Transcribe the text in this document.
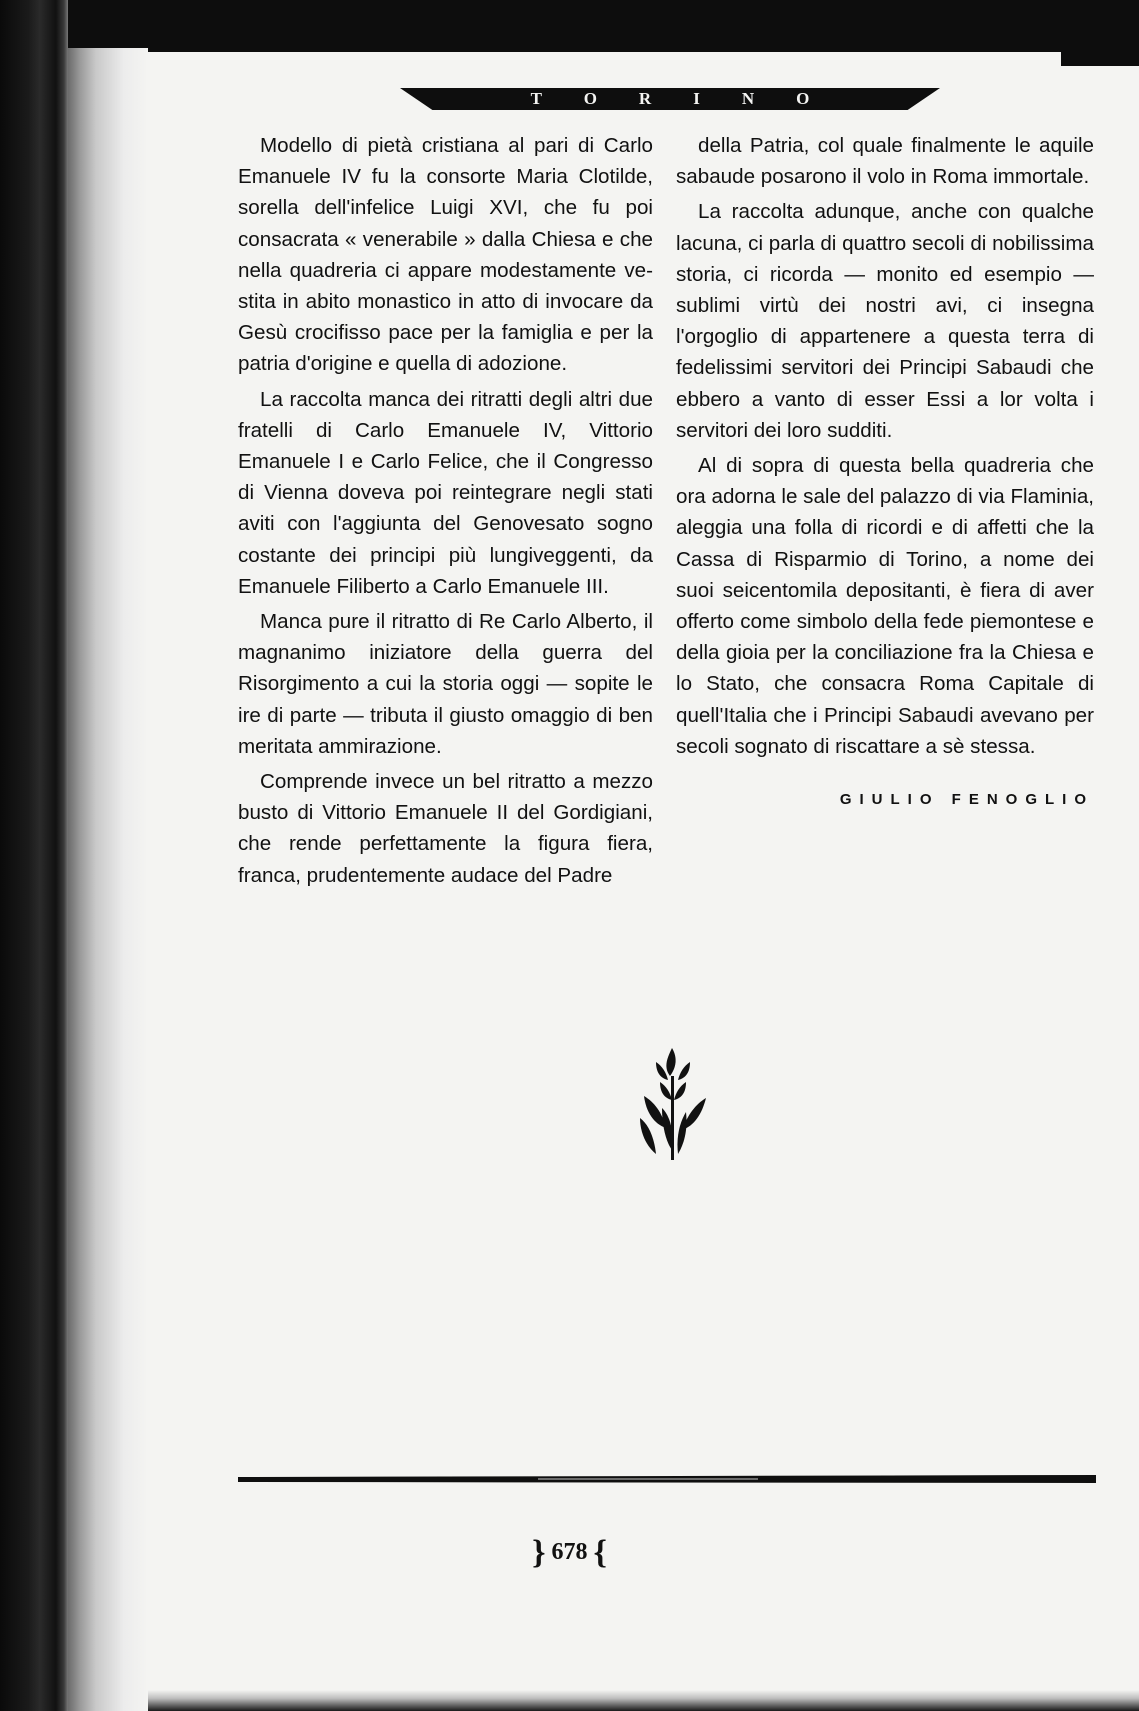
TORINO

Modello di pietà cristiana al pari di Carlo Emanuele IV fu la consorte Maria Clotilde, sorella dell'infelice Luigi XVI, che fu poi consacrata « venerabile » dalla Chiesa e che nella quadreria ci appare modestamente vestita in abito monastico in atto di invocare da Gesù crocifisso pace per la famiglia e per la patria d'origine e quella di adozione.

La raccolta manca dei ritratti degli altri due fratelli di Carlo Emanuele IV, Vittorio Emanuele I e Carlo Felice, che il Congresso di Vienna doveva poi reintegrare negli stati aviti con l'aggiunta del Genovesato sogno costante dei principi più lungiveggenti, da Emanuele Filiberto a Carlo Emanuele III.

Manca pure il ritratto di Re Carlo Alberto, il magnanimo iniziatore della guerra del Risorgimento a cui la storia oggi — sopite le ire di parte — tributa il giusto omaggio di ben meritata ammirazione.

Comprende invece un bel ritratto a mezzo busto di Vittorio Emanuele II del Gordigiani, che rende perfettamente la figura fiera, franca, prudentemente audace del Padre

della Patria, col quale finalmente le aquile sabaude posarono il volo in Roma immortale.

La raccolta adunque, anche con qualche lacuna, ci parla di quattro secoli di nobilissima storia, ci ricorda — monito ed esempio — sublimi virtù dei nostri avi, ci insegna l'orgoglio di appartenere a questa terra di fedelissimi servitori dei Principi Sabaudi che ebbero a vanto di esser Essi a lor volta i servitori dei loro sudditi.

Al di sopra di questa bella quadreria che ora adorna le sale del palazzo di via Flaminia, aleggia una folla di ricordi e di affetti che la Cassa di Risparmio di Torino, a nome dei suoi seicentomila depositanti, è fiera di aver offerto come simbolo della fede piemontese e della gioia per la conciliazione fra la Chiesa e lo Stato, che consacra Roma Capitale di quell'Italia che i Principi Sabaudi avevano per secoli sognato di riscattare a sè stessa.

GIULIO FENOGLIO
} 678 {
